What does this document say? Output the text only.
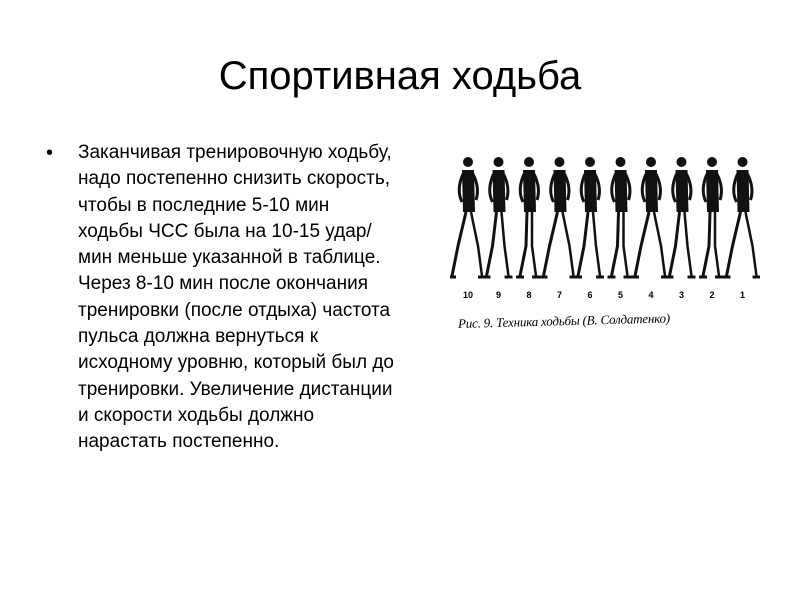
Спортивная ходьба
• Заканчивая тренировочную ходьбу, надо постепенно снизить скорость, чтобы в последние 5-10 мин ходьбы ЧСС была на 10-15 удар/мин меньше указанной в таблице. Через 8-10 мин после окончания тренировки (после отдыха) частота пульса должна вернуться к исходному уровню, который был до тренировки. Увеличение дистанции и скорости ходьбы должно нарастать постепенно.
10	9	8	7	6	5	4	3	2	1
Рис. 9. Техника ходьбы (В. Солдатенко)
